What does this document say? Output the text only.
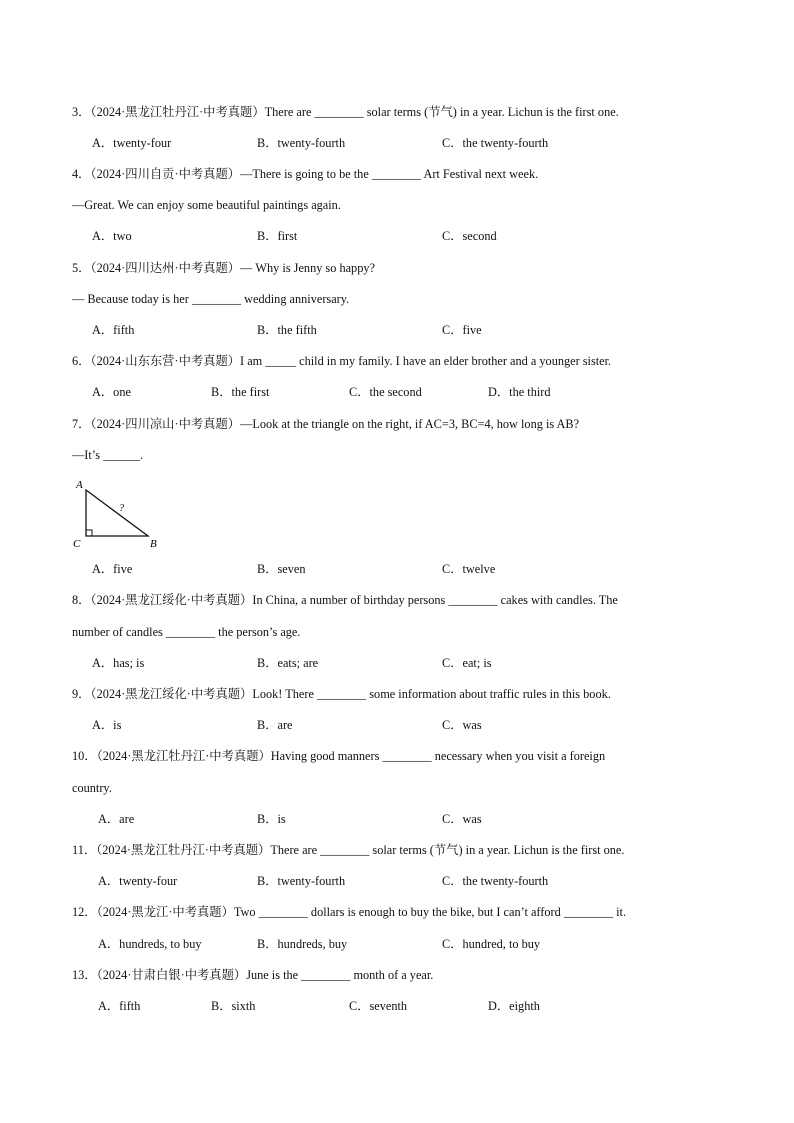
3．（2024·黑龙江牡丹江·中考真题）There are ________ solar terms (节气) in a year. Lichun is the first one.
A．twenty-four	B．twenty-fourth	C．the twenty-fourth
4．（2024·四川自贡·中考真题）—There is going to be the ________ Art Festival next week.
—Great. We can enjoy some beautiful paintings again.
A．two	B．first	C．second
5．（2024·四川达州·中考真题）— Why is Jenny so happy?
— Because today is her ________ wedding anniversary.
A．fifth	B．the fifth	C．five
6．（2024·山东东营·中考真题）I am _____ child in my family. I have an elder brother and a younger sister.
A．one	B．the first	C．the second	D．the third
7．（2024·四川凉山·中考真题）—Look at the triangle on the right, if AC=3, BC=4, how long is AB?
—It’s ______.
A
B
C
?
A．five	B．seven	C．twelve
8．（2024·黑龙江绥化·中考真题）In China, a number of birthday persons ________ cakes with candles. The
number of candles ________ the person’s age.
A．has; is	B．eats; are	C．eat; is
9．（2024·黑龙江绥化·中考真题）Look! There ________ some information about traffic rules in this book.
A．is	B．are	C．was
10．（2024·黑龙江牡丹江·中考真题）Having good manners ________ necessary when you visit a foreign
country.
A．are	B．is	C．was
11．（2024·黑龙江牡丹江·中考真题）There are ________ solar terms (节气) in a year. Lichun is the first one.
A．twenty-four	B．twenty-fourth	C．the twenty-fourth
12．（2024·黑龙江·中考真题）Two ________ dollars is enough to buy the bike, but I can’t afford ________ it.
A．hundreds, to buy	B．hundreds, buy	C．hundred, to buy
13．（2024·甘肃白银·中考真题）June is the ________ month of a year.
A．fifth	B．sixth	C．seventh	D．eighth
